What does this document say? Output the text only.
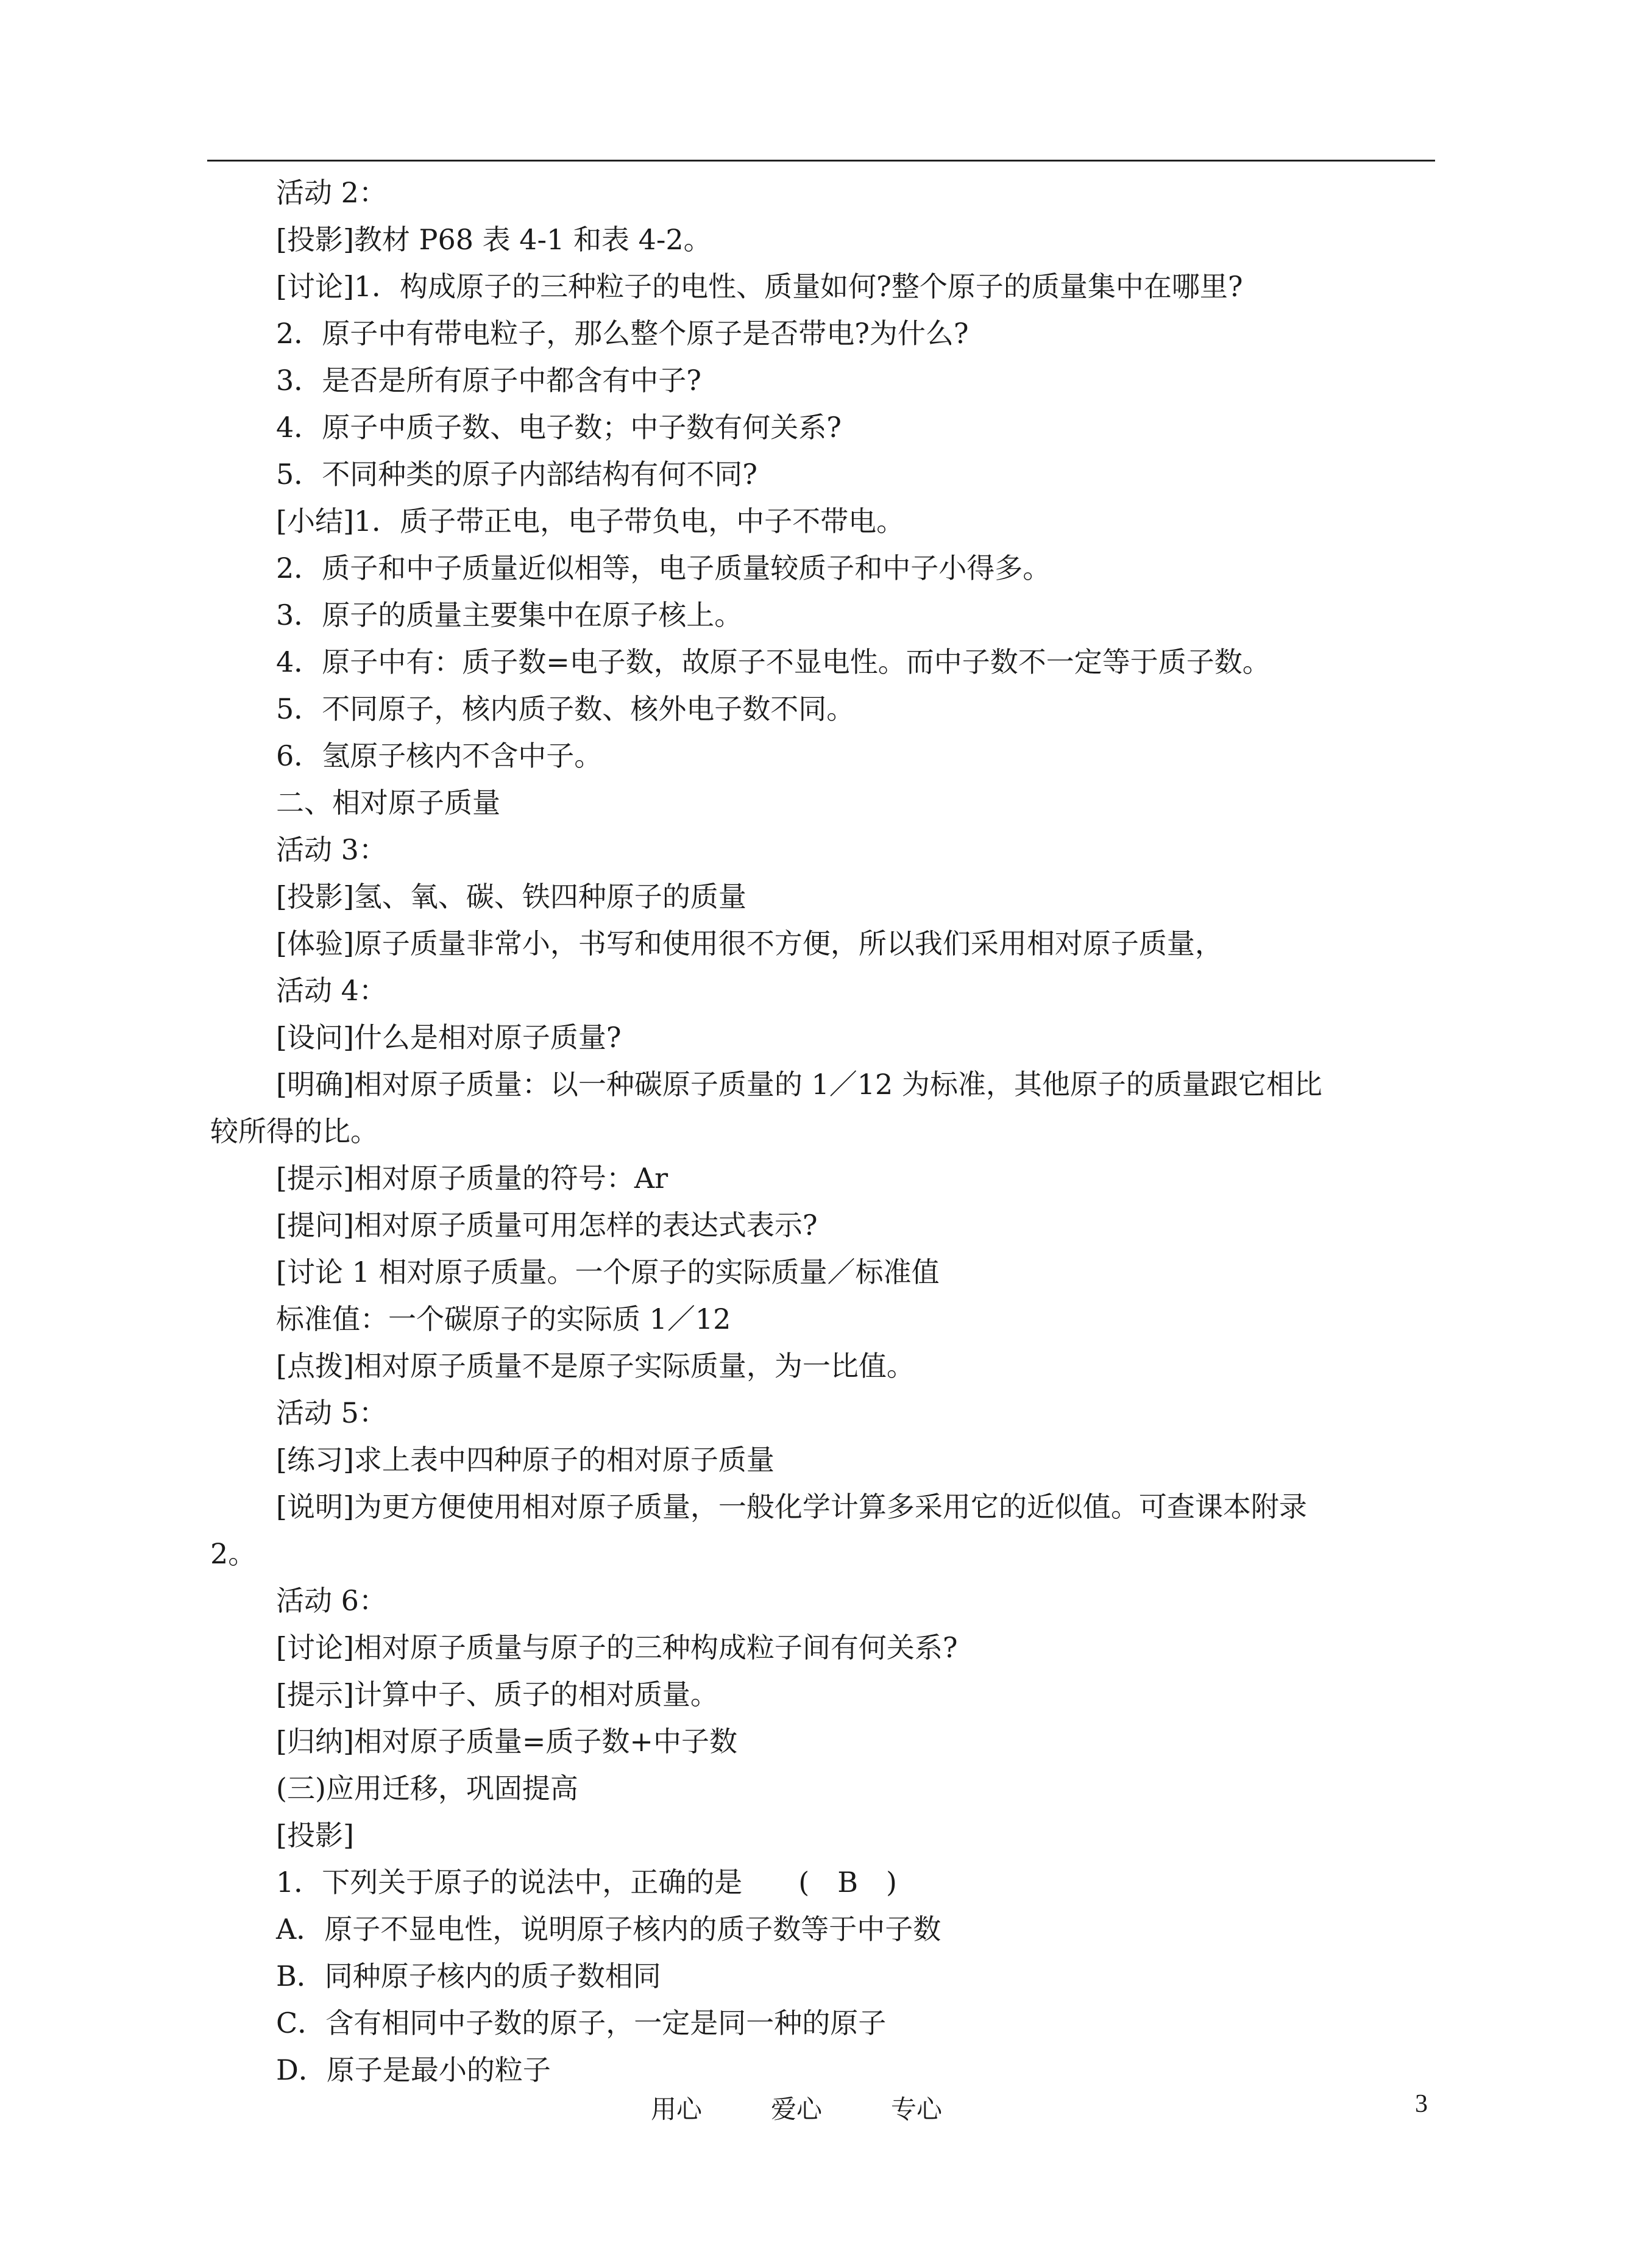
活动 2：
[投影]教材 P68 表 4-1 和表 4-2。
[讨论]1．构成原子的三种粒子的电性、质量如何?整个原子的质量集中在哪里?
2．原子中有带电粒子，那么整个原子是否带电?为什么?
3．是否是所有原子中都含有中子?
4．原子中质子数、电子数；中子数有何关系?
5．不同种类的原子内部结构有何不同?
[小结]1．质子带正电，电子带负电，中子不带电。
2．质子和中子质量近似相等，电子质量较质子和中子小得多。
3．原子的质量主要集中在原子核上。
4．原子中有：质子数=电子数，故原子不显电性。而中子数不一定等于质子数。
5．不同原子，核内质子数、核外电子数不同。
6．氢原子核内不含中子。
二、相对原子质量
活动 3：
[投影]氢、氧、碳、铁四种原子的质量
[体验]原子质量非常小，书写和使用很不方便，所以我们采用相对原子质量，
活动 4：
[设问]什么是相对原子质量?
[明确]相对原子质量：以一种碳原子质量的 1／12 为标准，其他原子的质量跟它相比
较所得的比。
[提示]相对原子质量的符号：Ar
[提问]相对原子质量可用怎样的表达式表示?
[讨论 1 相对原子质量。一个原子的实际质量／标准值
标准值：一个碳原子的实际质 1／12
[点拨]相对原子质量不是原子实际质量，为一比值。
活动 5：
[练习]求上表中四种原子的相对原子质量
[说明]为更方便使用相对原子质量，一般化学计算多采用它的近似值。可查课本附录
2。
活动 6：
[讨论]相对原子质量与原子的三种构成粒子间有何关系?
[提示]计算中子、质子的相对质量。
[归纳]相对原子质量=质子数+中子数
(三)应用迁移，巩固提高
[投影]
1．下列关于原子的说法中，正确的是　　(　B　)
A．原子不显电性，说明原子核内的质子数等于中子数
B．同种原子核内的质子数相同
C．含有相同中子数的原子，一定是同一种的原子
D．原子是最小的粒子
用心	爱心	专心	3
